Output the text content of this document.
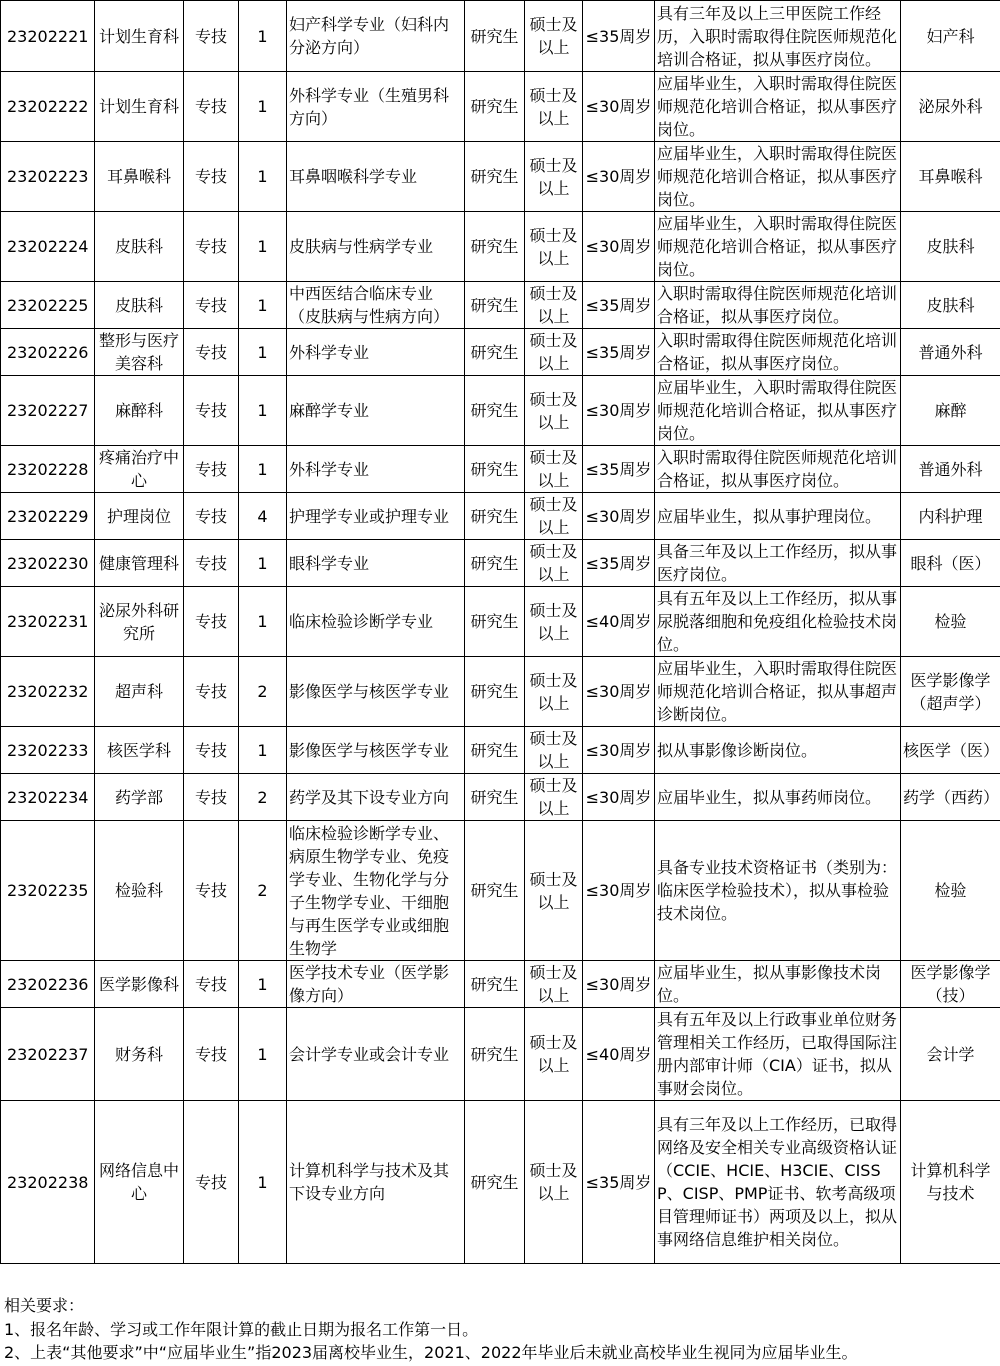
23202221	计划生育科	专技	1	妇产科学专业（妇科内分泌方向）	研究生	硕士及以上	≤35周岁	具有三年及以上三甲医院工作经历，入职时需取得住院医师规范化培训合格证，拟从事医疗岗位。	妇产科
23202222	计划生育科	专技	1	外科学专业（生殖男科方向）	研究生	硕士及以上	≤30周岁	应届毕业生，入职时需取得住院医师规范化培训合格证，拟从事医疗岗位。	泌尿外科
23202223	耳鼻喉科	专技	1	耳鼻咽喉科学专业	研究生	硕士及以上	≤30周岁	应届毕业生，入职时需取得住院医师规范化培训合格证，拟从事医疗岗位。	耳鼻喉科
23202224	皮肤科	专技	1	皮肤病与性病学专业	研究生	硕士及以上	≤30周岁	应届毕业生，入职时需取得住院医师规范化培训合格证，拟从事医疗岗位。	皮肤科
23202225	皮肤科	专技	1	中西医结合临床专业（皮肤病与性病方向）	研究生	硕士及以上	≤35周岁	入职时需取得住院医师规范化培训合格证，拟从事医疗岗位。	皮肤科
23202226	整形与医疗美容科	专技	1	外科学专业	研究生	硕士及以上	≤35周岁	入职时需取得住院医师规范化培训合格证，拟从事医疗岗位。	普通外科
23202227	麻醉科	专技	1	麻醉学专业	研究生	硕士及以上	≤30周岁	应届毕业生，入职时需取得住院医师规范化培训合格证，拟从事医疗岗位。	麻醉
23202228	疼痛治疗中心	专技	1	外科学专业	研究生	硕士及以上	≤35周岁	入职时需取得住院医师规范化培训合格证，拟从事医疗岗位。	普通外科
23202229	护理岗位	专技	4	护理学专业或护理专业	研究生	硕士及以上	≤30周岁	应届毕业生，拟从事护理岗位。	内科护理
23202230	健康管理科	专技	1	眼科学专业	研究生	硕士及以上	≤35周岁	具备三年及以上工作经历，拟从事医疗岗位。	眼科（医）
23202231	泌尿外科研究所	专技	1	临床检验诊断学专业	研究生	硕士及以上	≤40周岁	具有五年及以上工作经历，拟从事尿脱落细胞和免疫组化检验技术岗位。	检验
23202232	超声科	专技	2	影像医学与核医学专业	研究生	硕士及以上	≤30周岁	应届毕业生，入职时需取得住院医师规范化培训合格证，拟从事超声诊断岗位。	医学影像学（超声学）
23202233	核医学科	专技	1	影像医学与核医学专业	研究生	硕士及以上	≤30周岁	拟从事影像诊断岗位。	核医学（医）
23202234	药学部	专技	2	药学及其下设专业方向	研究生	硕士及以上	≤30周岁	应届毕业生，拟从事药师岗位。	药学（西药）
23202235	检验科	专技	2	临床检验诊断学专业、病原生物学专业、免疫学专业、生物化学与分子生物学专业、干细胞与再生医学专业或细胞生物学	研究生	硕士及以上	≤30周岁	具备专业技术资格证书（类别为：临床医学检验技术），拟从事检验技术岗位。	检验
23202236	医学影像科	专技	1	医学技术专业（医学影像方向）	研究生	硕士及以上	≤30周岁	应届毕业生，拟从事影像技术岗位。	医学影像学（技）
23202237	财务科	专技	1	会计学专业或会计专业	研究生	硕士及以上	≤40周岁	具有五年及以上行政事业单位财务管理相关工作经历，已取得国际注册内部审计师（CIA）证书，拟从事财会岗位。	会计学
23202238	网络信息中心	专技	1	计算机科学与技术及其下设专业方向	研究生	硕士及以上	≤35周岁	具有三年及以上工作经历，已取得网络及安全相关专业高级资格认证（CCIE、HCIE、H3CIE、CISSP、CISP、PMP证书、软考高级项目管理师证书）两项及以上，拟从事网络信息维护相关岗位。	计算机科学与技术
相关要求：
1、报名年龄、学习或工作年限计算的截止日期为报名工作第一日。
2、上表“其他要求”中“应届毕业生”指2023届离校毕业生，2021、2022年毕业后未就业高校毕业生视同为应届毕业生。
